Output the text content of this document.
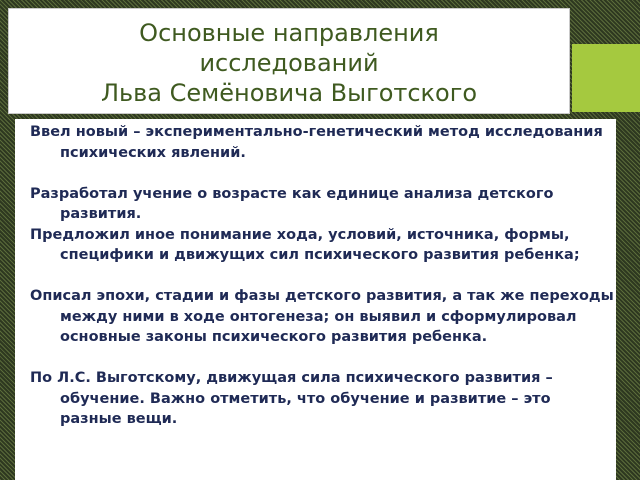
Основные направления
исследований
Льва Семёновича Выготского

Ввел новый – экспериментально-генетический метод исследования психических явлений.

Разработал учение о возрасте как единице анализа детского развития.

Предложил иное понимание хода, условий, источника, формы, специфики и движущих сил психического развития ребенка;

Описал эпохи, стадии и фазы детского развития, а так же переходы между ними в ходе онтогенеза; он выявил и сформулировал основные законы психического развития ребенка.

По Л.С. Выготскому, движущая сила психического развития – обучение. Важно отметить, что обучение и развитие – это разные вещи.
